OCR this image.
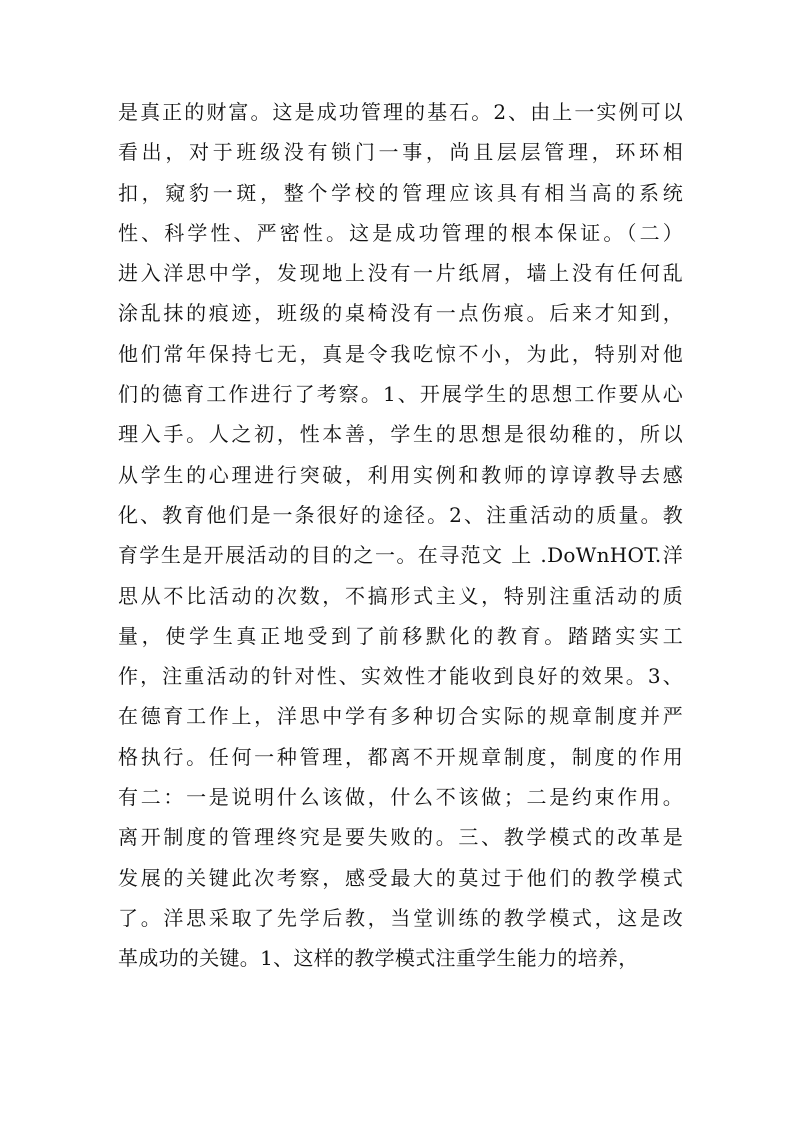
是真正的财富。这是成功管理的基石。2、由上一实例可以
看出，对于班级没有锁门一事，尚且层层管理，环环相
扣，窥豹一斑，整个学校的管理应该具有相当高的系统
性、科学性、严密性。这是成功管理的根本保证。（二）
进入洋思中学，发现地上没有一片纸屑，墙上没有任何乱
涂乱抹的痕迹，班级的桌椅没有一点伤痕。后来才知到，
他们常年保持七无，真是令我吃惊不小，为此，特别对他
们的德育工作进行了考察。1、开展学生的思想工作要从心
理入手。人之初，性本善，学生的思想是很幼稚的，所以
从学生的心理进行突破，利用实例和教师的谆谆教导去感
化、教育他们是一条很好的途径。2、注重活动的质量。教
育学生是开展活动的目的之一。在寻范文 上 .DoWnHOT.洋
思从不比活动的次数，不搞形式主义，特别注重活动的质
量，使学生真正地受到了前移默化的教育。踏踏实实工
作，注重活动的针对性、实效性才能收到良好的效果。3、
在德育工作上，洋思中学有多种切合实际的规章制度并严
格执行。任何一种管理，都离不开规章制度，制度的作用
有二：一是说明什么该做，什么不该做；二是约束作用。
离开制度的管理终究是要失败的。三、教学模式的改革是
发展的关键此次考察，感受最大的莫过于他们的教学模式
了。洋思采取了先学后教，当堂训练的教学模式，这是改
革成功的关键。1、这样的教学模式注重学生能力的培养，
